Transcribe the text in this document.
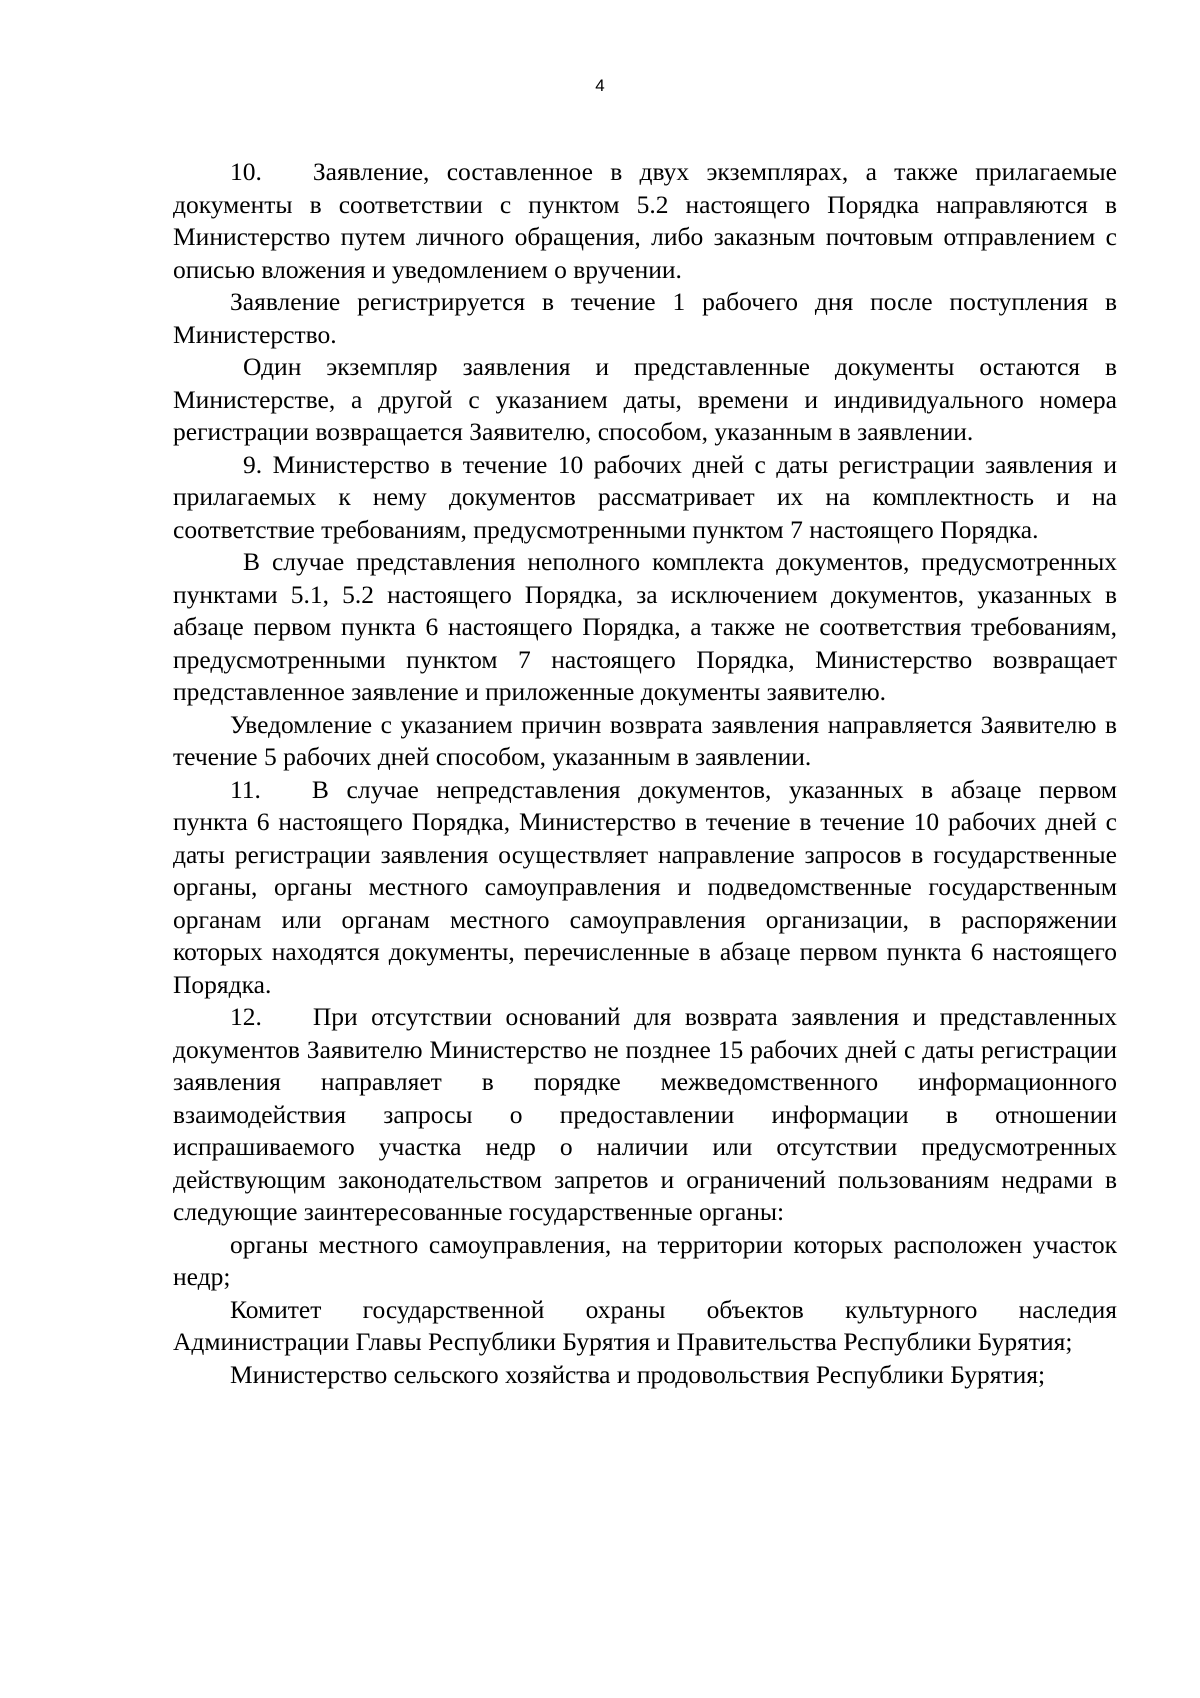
4

10.  Заявление, составленное в двух экземплярах, а также прилагаемые документы в соответствии с пунктом 5.2 настоящего Порядка направляются в Министерство путем личного обращения, либо заказным почтовым отправлением с описью вложения и уведомлением о вручении.

Заявление регистрируется в течение 1 рабочего дня после поступления в Министерство.

Один экземпляр заявления и представленные документы остаются в Министерстве, а другой с указанием даты, времени и индивидуального номера регистрации возвращается Заявителю, способом, указанным в заявлении.

9. Министерство в течение 10 рабочих дней с даты регистрации заявления и прилагаемых к нему документов рассматривает их на комплектность и на соответствие требованиям, предусмотренными пунктом 7 настоящего Порядка.

В случае представления неполного комплекта документов, предусмотренных пунктами 5.1, 5.2 настоящего Порядка, за исключением документов, указанных в абзаце первом пункта 6 настоящего Порядка, а также не соответствия требованиям, предусмотренными пунктом 7 настоящего Порядка, Министерство возвращает представленное заявление и приложенные документы заявителю.

Уведомление с указанием причин возврата заявления направляется Заявителю в течение 5 рабочих дней способом, указанным в заявлении.

11.  В случае непредставления документов, указанных в абзаце первом пункта 6 настоящего Порядка, Министерство в течение в течение 10 рабочих дней с даты регистрации заявления осуществляет направление запросов в государственные органы, органы местного самоуправления и подведомственные государственным органам или органам местного самоуправления организации, в распоряжении которых находятся документы, перечисленные в абзаце первом пункта 6 настоящего Порядка.

12.  При отсутствии оснований для возврата заявления и представленных документов Заявителю Министерство не позднее 15 рабочих дней с даты регистрации заявления направляет в порядке межведомственного информационного взаимодействия запросы о предоставлении информации в отношении испрашиваемого участка недр о наличии или отсутствии предусмотренных действующим законодательством запретов и ограничений пользованиям недрами в следующие заинтересованные государственные органы:

органы местного самоуправления, на территории которых расположен участок недр;

Комитет государственной охраны объектов культурного наследия Администрации Главы Республики Бурятия и Правительства Республики Бурятия;

Министерство сельского хозяйства и продовольствия Республики Бурятия;
